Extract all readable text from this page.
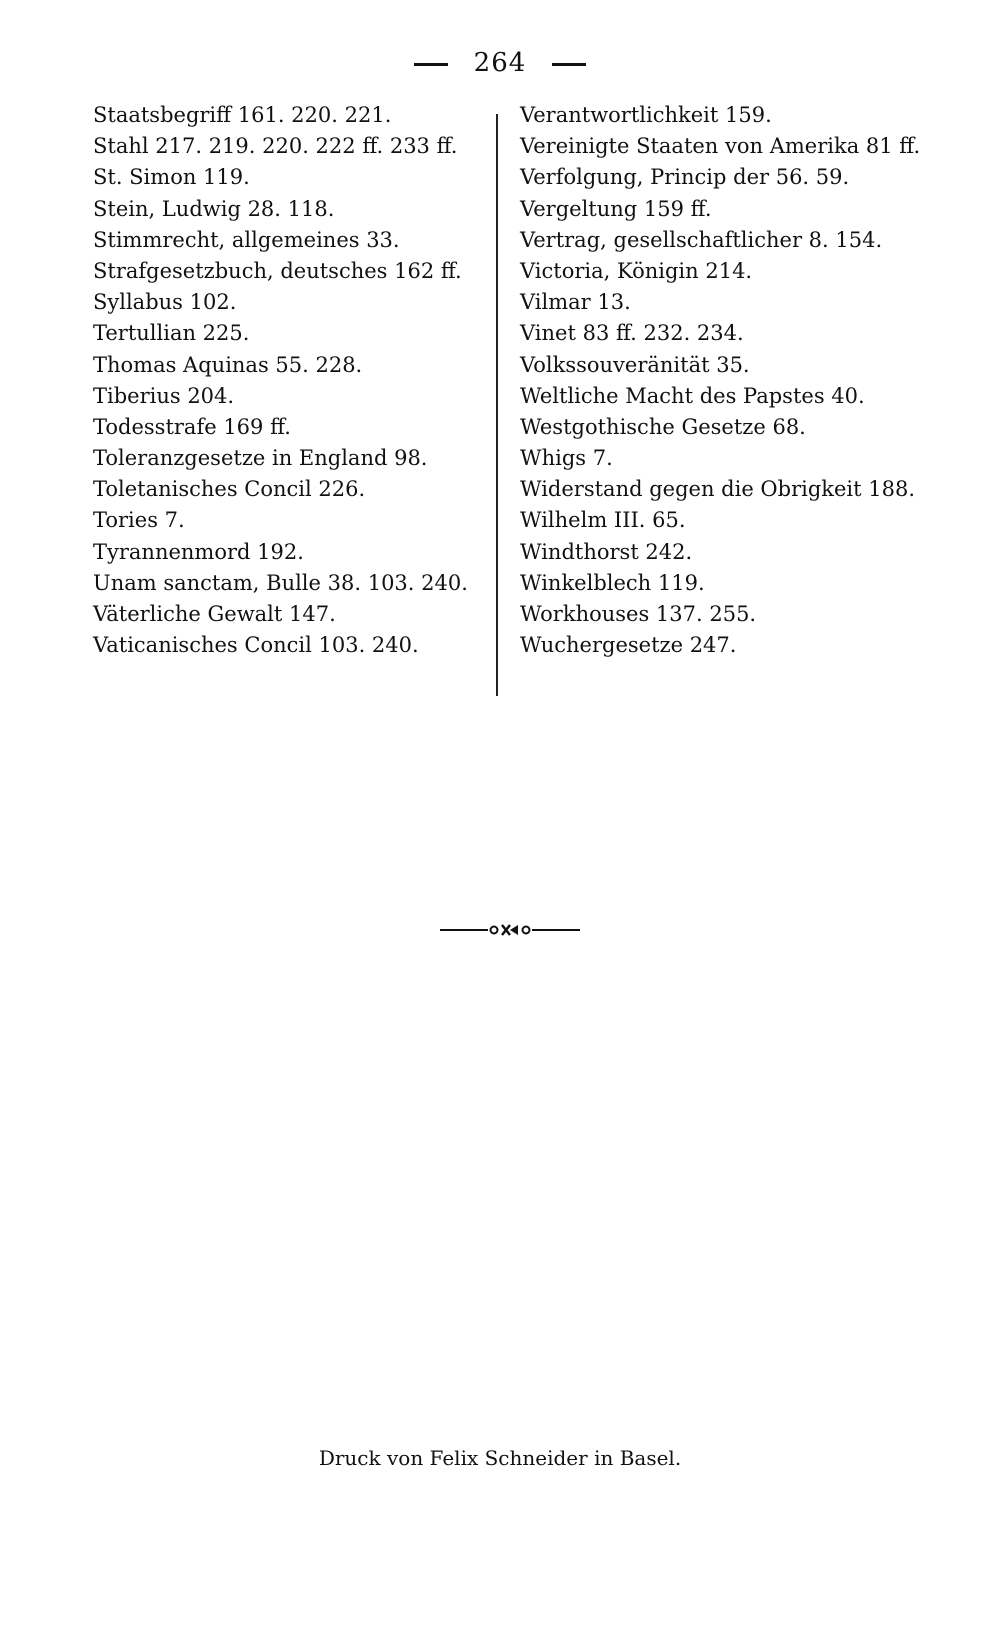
264
Staatsbegriff 161. 220. 221.
Stahl 217. 219. 220. 222 ff. 233 ff.
St. Simon 119.
Stein, Ludwig 28. 118.
Stimmrecht, allgemeines 33.
Strafgesetzbuch, deutsches 162 ff.
Syllabus 102.
Tertullian 225.
Thomas Aquinas 55. 228.
Tiberius 204.
Todesstrafe 169 ff.
Toleranzgesetze in England 98.
Toletanisches Concil 226.
Tories 7.
Tyrannenmord 192.
Unam sanctam, Bulle 38. 103. 240.
Väterliche Gewalt 147.
Vaticanisches Concil 103. 240.
Verantwortlichkeit 159.
Vereinigte Staaten von Amerika 81 ff.
Verfolgung, Princip der 56. 59.
Vergeltung 159 ff.
Vertrag, gesellschaftlicher 8. 154.
Victoria, Königin 214.
Vilmar 13.
Vinet 83 ff. 232. 234.
Volkssouveränität 35.
Weltliche Macht des Papstes 40.
Westgothische Gesetze 68.
Whigs 7.
Widerstand gegen die Obrigkeit 188.
Wilhelm III. 65.
Windthorst 242.
Winkelblech 119.
Workhouses 137. 255.
Wuchergesetze 247.
Druck von Felix Schneider in Basel.
